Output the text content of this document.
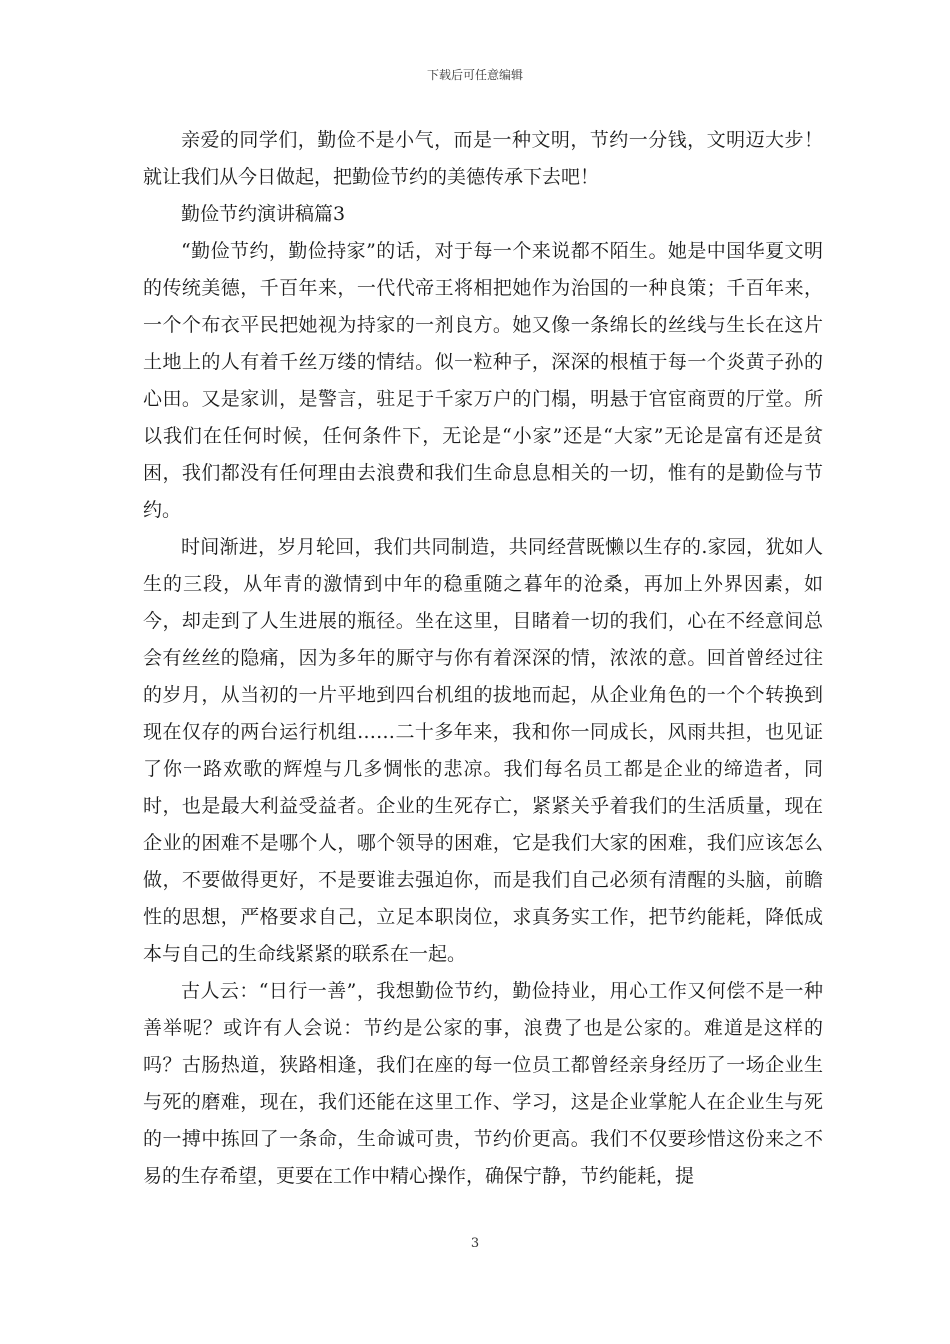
下载后可任意编辑

亲爱的同学们，勤俭不是小气，而是一种文明，节约一分钱，文明迈大步！就让我们从今日做起，把勤俭节约的美德传承下去吧！

勤俭节约演讲稿篇3

“勤俭节约，勤俭持家”的话，对于每一个来说都不陌生。她是中国华夏文明的传统美德，千百年来，一代代帝王将相把她作为治国的一种良策；千百年来，一个个布衣平民把她视为持家的一剂良方。她又像一条绵长的丝线与生长在这片土地上的人有着千丝万缕的情结。似一粒种子，深深的根植于每一个炎黄子孙的心田。又是家训，是警言，驻足于千家万户的门榻，明悬于官宦商贾的厅堂。所以我们在任何时候，任何条件下，无论是“小家”还是“大家”无论是富有还是贫困，我们都没有任何理由去浪费和我们生命息息相关的一切，惟有的是勤俭与节约。

时间渐进，岁月轮回，我们共同制造，共同经营既懒以生存的.家园，犹如人生的三段，从年青的激情到中年的稳重随之暮年的沧桑，再加上外界因素，如今，却走到了人生进展的瓶径。坐在这里，目睹着一切的我们，心在不经意间总会有丝丝的隐痛，因为多年的厮守与你有着深深的情，浓浓的意。回首曾经过往的岁月，从当初的一片平地到四台机组的拔地而起，从企业角色的一个个转换到现在仅存的两台运行机组……二十多年来，我和你一同成长，风雨共担，也见证了你一路欢歌的辉煌与几多惆怅的悲凉。我们每名员工都是企业的缔造者，同时，也是最大利益受益者。企业的生死存亡，紧紧关乎着我们的生活质量，现在企业的困难不是哪个人，哪个领导的困难，它是我们大家的困难，我们应该怎么做，不要做得更好，不是要谁去强迫你，而是我们自己必须有清醒的头脑，前瞻性的思想，严格要求自己，立足本职岗位，求真务实工作，把节约能耗，降低成本与自己的生命线紧紧的联系在一起。

古人云：“日行一善”，我想勤俭节约，勤俭持业，用心工作又何偿不是一种善举呢？或许有人会说：节约是公家的事，浪费了也是公家的。难道是这样的吗？古肠热道，狭路相逢，我们在座的每一位员工都曾经亲身经历了一场企业生与死的磨难，现在，我们还能在这里工作、学习，这是企业掌舵人在企业生与死的一搏中拣回了一条命，生命诚可贵，节约价更高。我们不仅要珍惜这份来之不易的生存希望，更要在工作中精心操作，确保宁静，节约能耗，提

3
